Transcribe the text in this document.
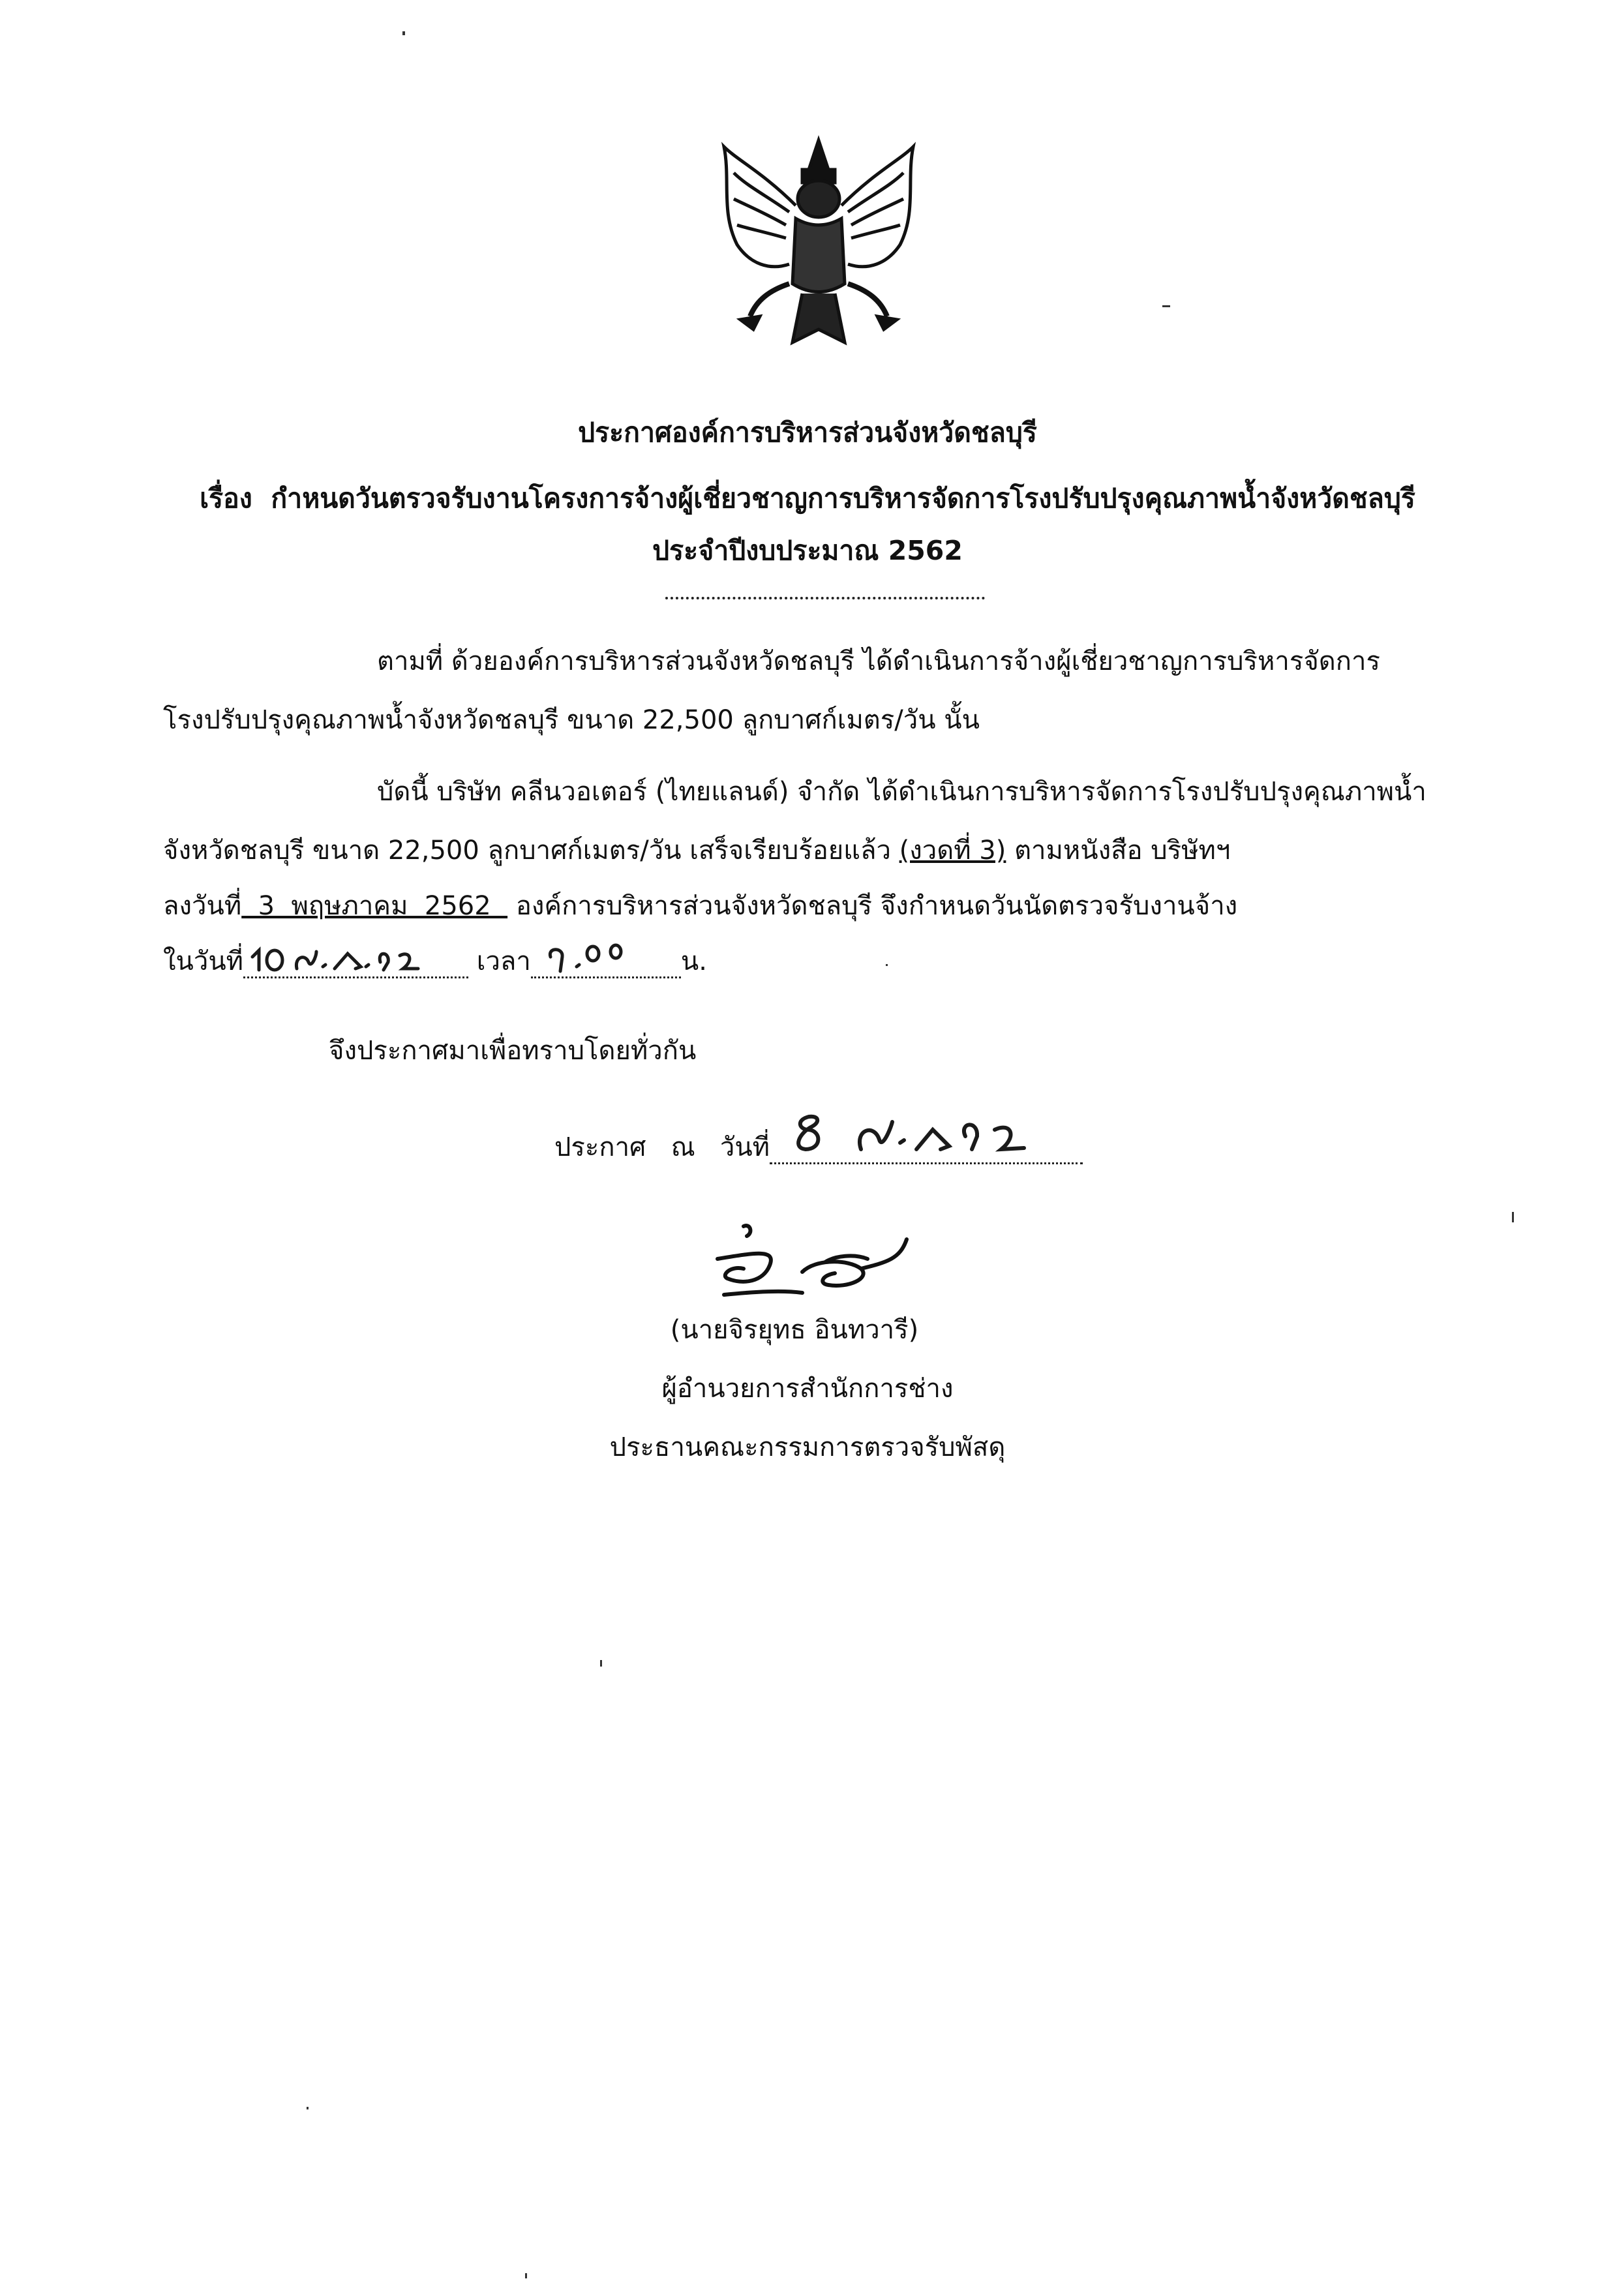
ประกาศองค์การบริหารส่วนจังหวัดชลบุรี
เรื่อง กำหนดวันตรวจรับงานโครงการจ้างผู้เชี่ยวชาญการบริหารจัดการโรงปรับปรุงคุณภาพน้ำจังหวัดชลบุรี
ประจำปีงบประมาณ 2562
ตามที่ ด้วยองค์การบริหารส่วนจังหวัดชลบุรี ได้ดำเนินการจ้างผู้เชี่ยวชาญการบริหารจัดการ
โรงปรับปรุงคุณภาพน้ำจังหวัดชลบุรี ขนาด 22,500 ลูกบาศก์เมตร/วัน นั้น
บัดนี้ บริษัท คลีนวอเตอร์ (ไทยแลนด์) จำกัด ได้ดำเนินการบริหารจัดการโรงปรับปรุงคุณภาพน้ำ
จังหวัดชลบุรี ขนาด 22,500 ลูกบาศก์เมตร/วัน เสร็จเรียบร้อยแล้ว (งวดที่ 3) ตามหนังสือ บริษัทฯ
ลงวันที่  3  พฤษภาคม  2562   องค์การบริหารส่วนจังหวัดชลบุรี จึงกำหนดวันนัดตรวจรับงานจ้าง
ในวันที่	เวลา	น.
จึงประกาศมาเพื่อทราบโดยทั่วกัน
ประกาศ ณ วันที่
(นายจิรยุทธ อินทวารี)
ผู้อำนวยการสำนักการช่าง
ประธานคณะกรรมการตรวจรับพัสดุ
